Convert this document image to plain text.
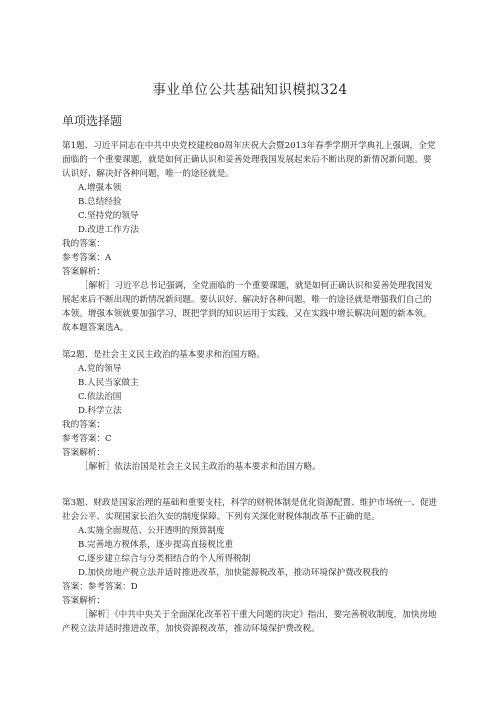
事业单位公共基础知识模拟324
单项选择题

第1题、习近平同志在中共中央党校建校80周年庆祝大会暨2013年春季学期开学典礼上强调，全党面临的一个重要课题，就是如何正确认识和妥善处理我国发展起来后不断出现的新情况新问题。要认识好、解决好各种问题，唯一的途径就是。

A.增强本领

B.总结经验

C.坚持党的领导

D.改进工作方法

我的答案：

参考答案：A

答案解析：

［解析］习近平总书记强调，全党面临的一个重要课题，就是如何正确认识和妥善处理我国发展起来后不断出现的新情况新问题。要认识好、解决好各种问题，唯一的途径就是增强我们自己的本领。增强本领就要加强学习，既把学到的知识运用于实践，又在实践中增长解决问题的新本领。故本题答案选A。

第2题、是社会主义民主政治的基本要求和治国方略。

A.党的领导

B.人民当家做主

C.依法治国

D.科学立法

我的答案：

参考答案：C

答案解析：

［解析］依法治国是社会主义民主政治的基本要求和治国方略。

第3题、财政是国家治理的基础和重要支柱，科学的财税体制是优化资源配置、维护市场统一、促进社会公平、实现国家长治久安的制度保障。下列有关深化财税体制改革不正确的是。

A.实施全面规范、公开透明的预算制度

B.完善地方税体系，逐步提高直接税比重

C.逐步建立综合与分类相结合的个人所得税制

D.加快房地产税立法并适时推进改革，加快能源税改革，推动环境保护费改税我的

答案：参考答案：D

答案解析：

［解析］《中共中央关于全面深化改革若干重大问题的决定》指出，要完善税收制度，加快房地产税立法并适时推进改革，加快资源税改革，推动环境保护费改税。
